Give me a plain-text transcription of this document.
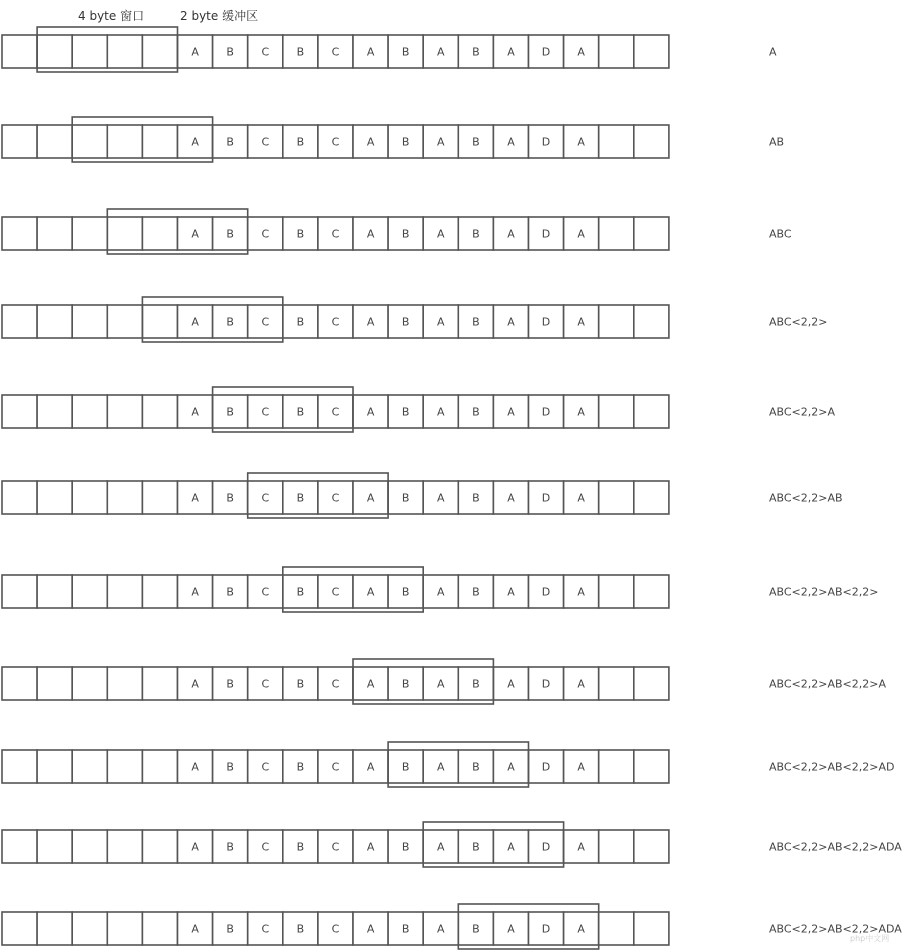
4 byte 窗口	2 byte 缓冲区
A	B C B C A	B	A	B	A D A	A
A	B C B C A	B	A	B	A D A	AB
A	B C B C A	B	A	B	A D A	ABC
A	B C B C A	B	A	B	A D A	ABC<2,2>
A	B C B C A	B	A	B	A D A	ABC<2,2>A
A	B C B C A	B	A	B	A D A	ABC<2,2>AB
A	B C B C A	B	A	B	A D A	ABC<2,2>AB<2,2>
A	B C B C A	B	A	B	A D A	ABC<2,2>AB<2,2>A
A	B C B C A	B	A	B	A D A	ABC<2,2>AB<2,2>AD
A	B C B C A	B	A	B	A D A	ABC<2,2>AB<2,2>ADA
A	B C B C A	B	A	B	A D A	ABC<2,2>AB<2,2>ADA
php中文网
